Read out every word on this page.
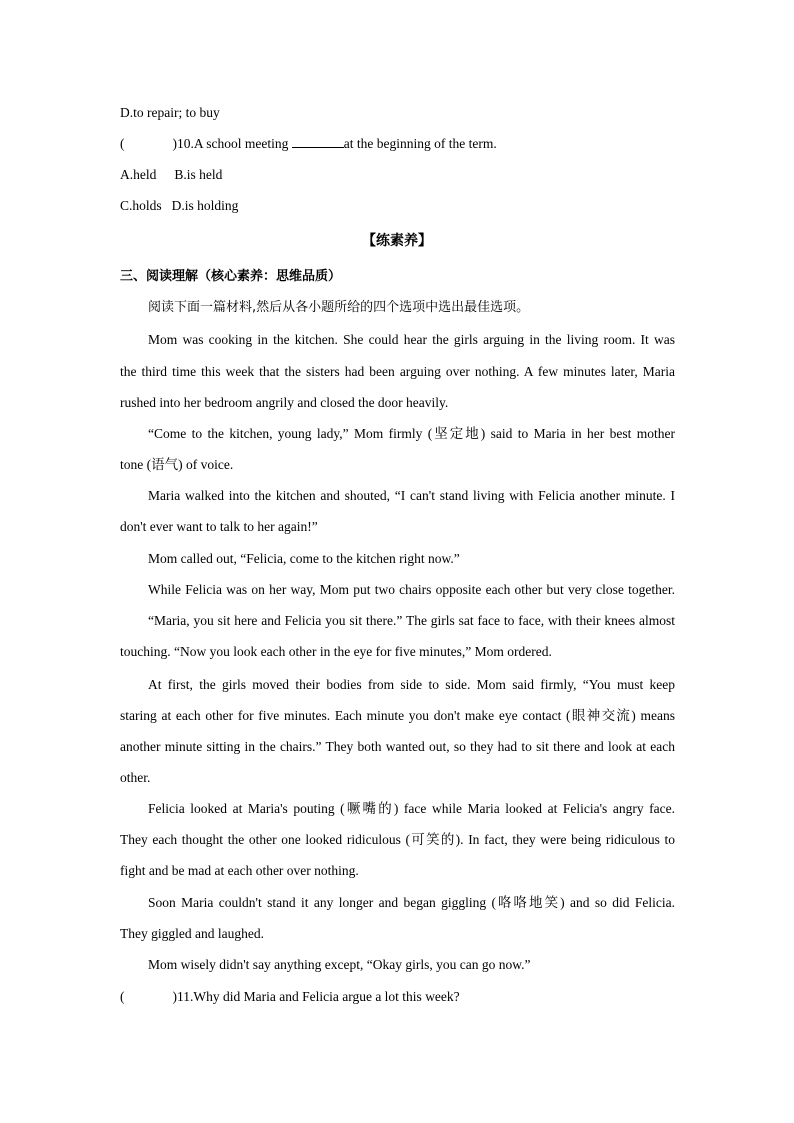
D.to repair; to buy
(	)10.A school meeting	at the beginning of the term.
A.held B.is held
C.holds D.is holding
【练素养】
三、阅读理解（核心素养：思维品质）
阅读下面一篇材料,然后从各小题所给的四个选项中选出最佳选项。
Mom was cooking in the kitchen. She could hear the girls arguing in the living room. It was
the third time this week that the sisters had been arguing over nothing. A few minutes later, Maria
rushed into her bedroom angrily and closed the door heavily.
“Come to the kitchen, young lady,” Mom firmly (坚定地) said to Maria in her best mother
tone (语气) of voice.
Maria walked into the kitchen and shouted, “I can't stand living with Felicia another minute. I
don't ever want to talk to her again!”
Mom called out, “Felicia, come to the kitchen right now.”
While Felicia was on her way, Mom put two chairs opposite each other but very close together.
“Maria, you sit here and Felicia you sit there.” The girls sat face to face, with their knees almost
touching. “Now you look each other in the eye for five minutes,” Mom ordered.
At first, the girls moved their bodies from side to side. Mom said firmly, “You must keep
staring at each other for five minutes. Each minute you don't make eye contact (眼神交流) means
another minute sitting in the chairs.” They both wanted out, so they had to sit there and look at each
other.
Felicia looked at Maria's pouting (噘嘴的) face while Maria looked at Felicia's angry face.
They each thought the other one looked ridiculous (可笑的). In fact, they were being ridiculous to
fight and be mad at each other over nothing.
Soon Maria couldn't stand it any longer and began giggling (咯咯地笑) and so did Felicia.
They giggled and laughed.
Mom wisely didn't say anything except, “Okay girls, you can go now.”
(	)11.Why did Maria and Felicia argue a lot this week?
